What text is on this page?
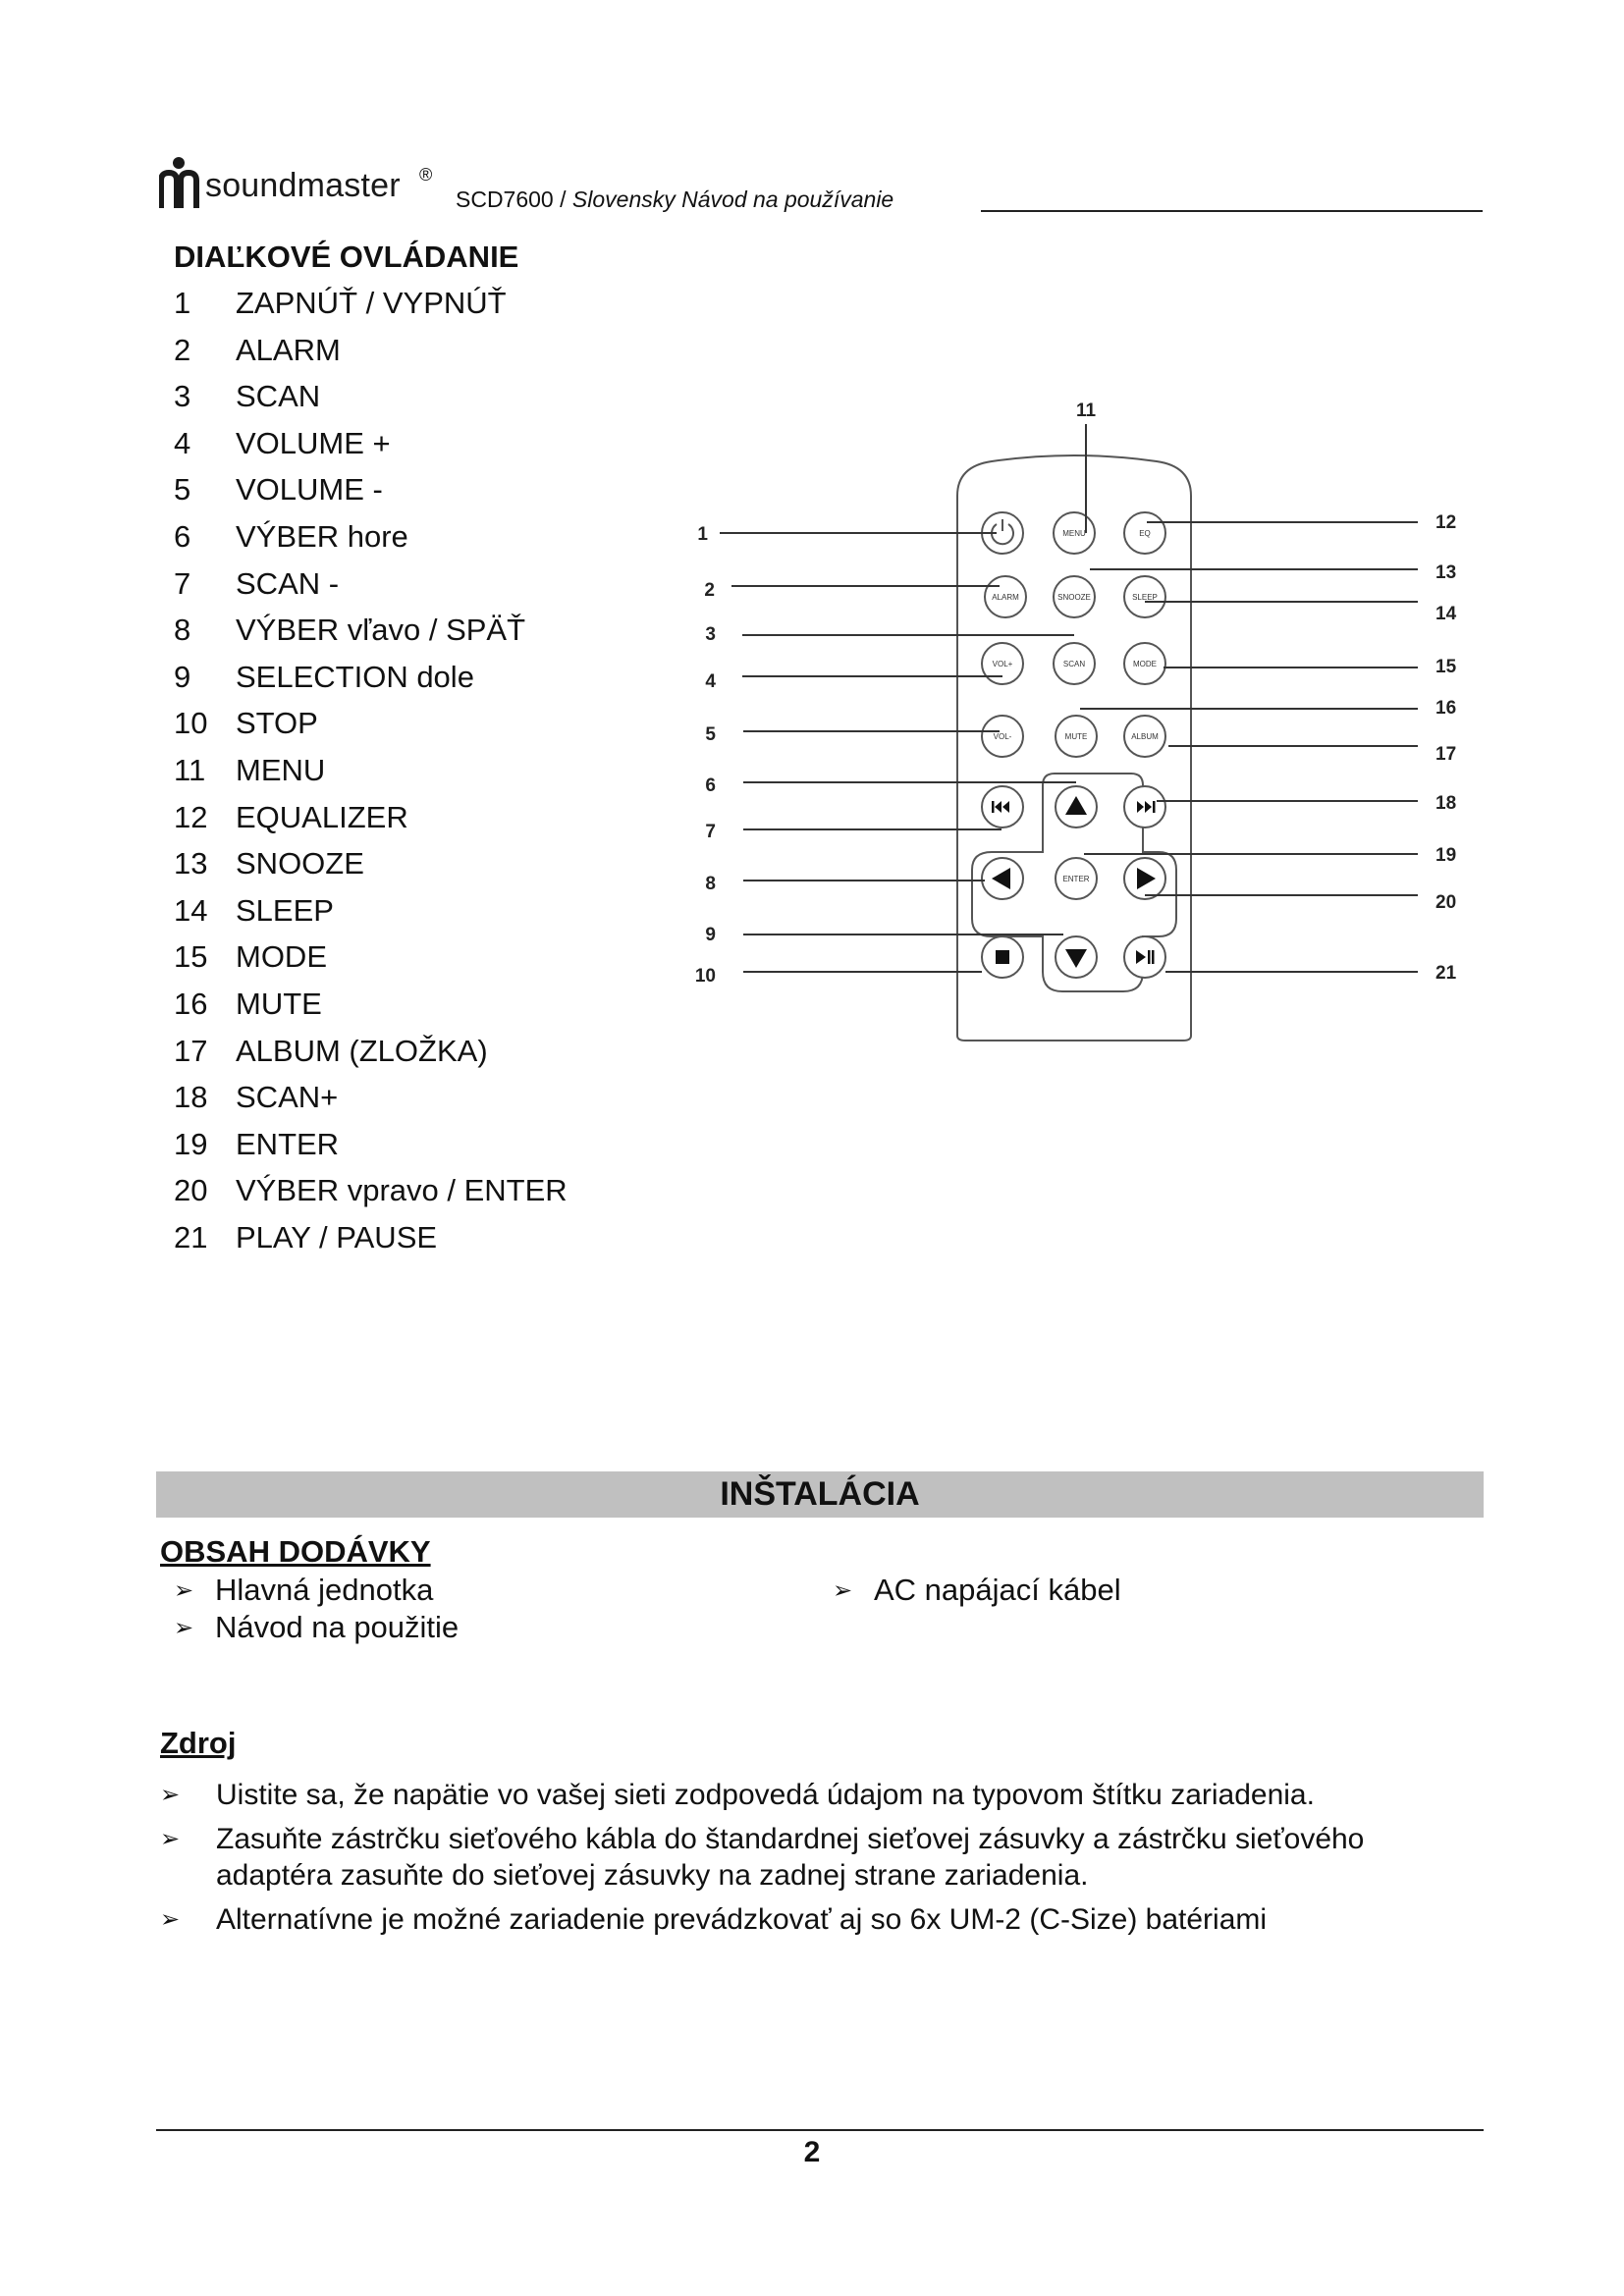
soundmaster ®
SCD7600 / Slovensky Návod na používanie
DIAĽKOVÉ OVLÁDANIE
1 ZAPNÚŤ / VYPNÚŤ
2 ALARM
3 SCAN
4 VOLUME +
5 VOLUME -
6 VÝBER hore
7 SCAN -
8 VÝBER vľavo / SPÄŤ
9 SELECTION dole
10 STOP
11 MENU
12 EQUALIZER
13 SNOOZE
14 SLEEP
15 MODE
16 MUTE
17 ALBUM (ZLOŽKA)
18 SCAN+
19 ENTER
20 VÝBER vpravo / ENTER
21 PLAY / PAUSE
MENU	EQ
ALARM	SNOOZE	SLEEP
VOL+	SCAN	MODE
VOL-	MUTE	ALBUM
ENTER
1
2
3
4
5
6
7
8
9
10
11
12
13
14
15
16
17
18
19
20
21
INŠTALÁCIA
OBSAH DODÁVKY
➢ Hlavná jednotka
➢ Návod na použitie
➢ AC napájací kábel
Zdroj
➢	Uistite sa, že napätie vo vašej sieti zodpovedá údajom na typovom štítku zariadenia.
➢	Zasuňte zástrčku sieťového kábla do štandardnej sieťovej zásuvky a zástrčku sieťového adaptéra zasuňte do sieťovej zásuvky na zadnej strane zariadenia.
➢	Alternatívne je možné zariadenie prevádzkovať aj so 6x UM-2 (C-Size) batériami
2
